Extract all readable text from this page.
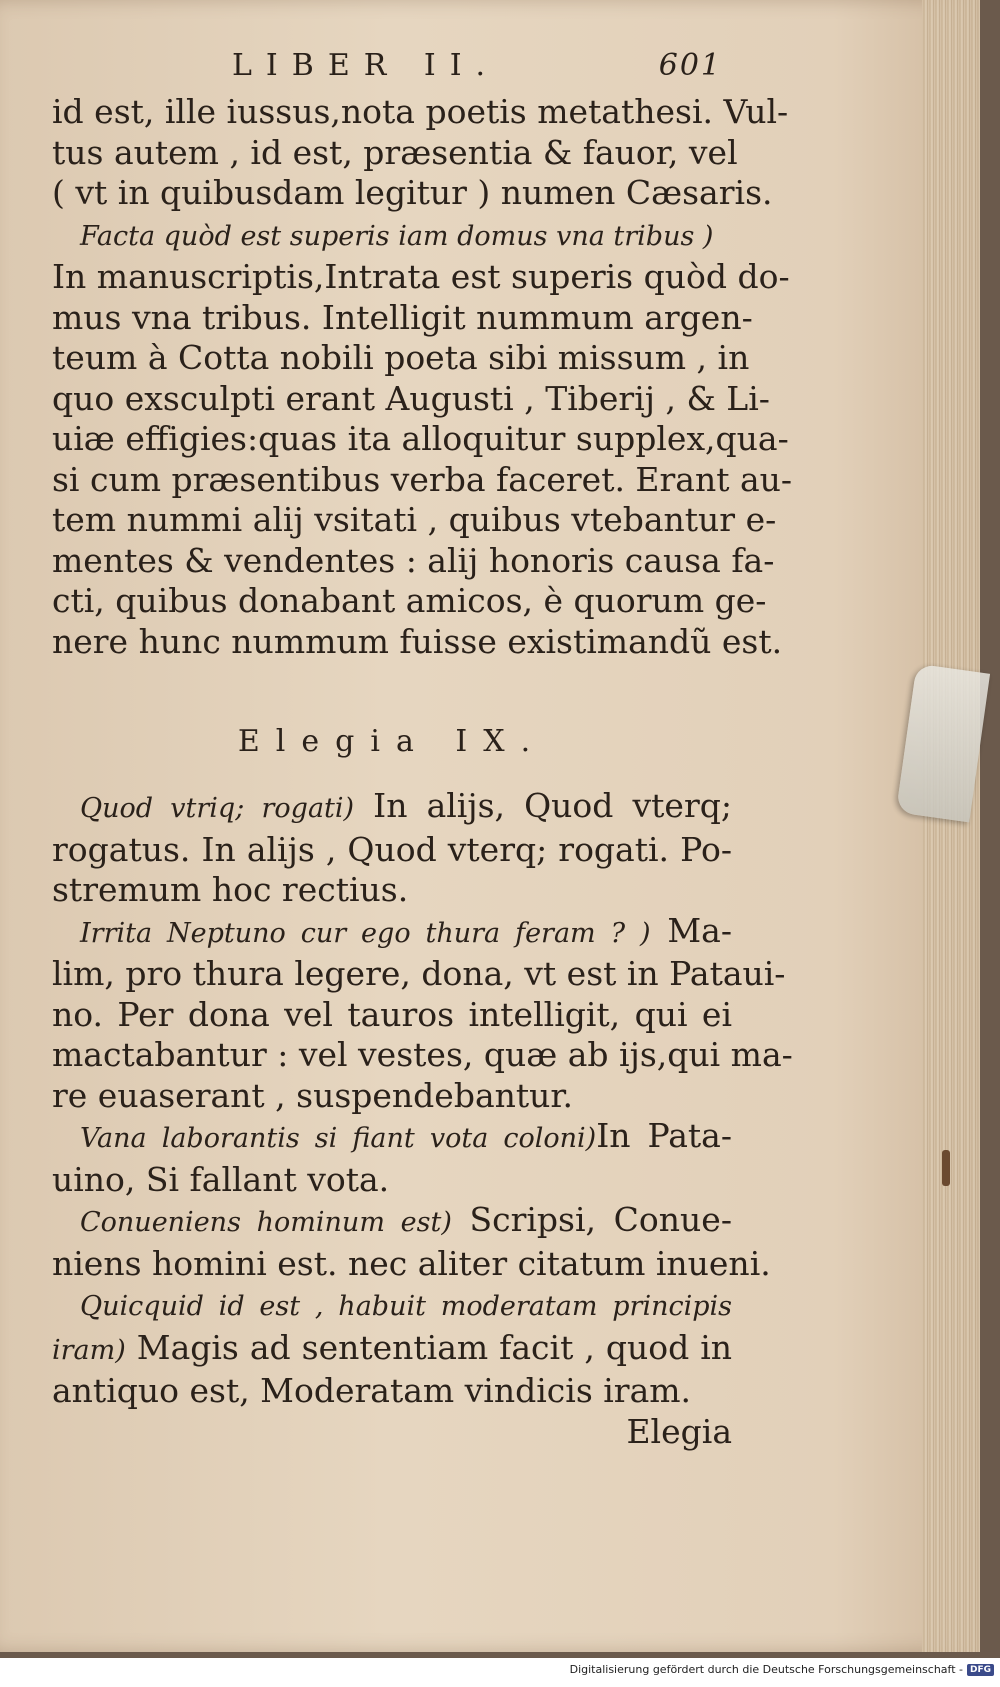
LIBER II.	601
id est, ille iussus,nota poetis metathesi. Vul-
tus autem , id est, præsentia & fauor, vel
( vt in quibusdam legitur ) numen Cæsaris.
Facta quòd est superis iam domus vna tribus )
In manuscriptis,Intrata est superis quòd do-
mus vna tribus. Intelligit nummum argen-
teum à Cotta nobili poeta sibi missum , in
quo exsculpti erant Augusti , Tiberij , & Li-
uiæ effigies:quas ita alloquitur supplex,qua-
si cum præsentibus verba faceret. Erant au-
tem nummi alij vsitati , quibus vtebantur e-
mentes & vendentes : alij honoris causa fa-
cti, quibus donabant amicos, è quorum ge-
nere hunc nummum fuisse existimandũ est.
Elegia IX.
Quod vtriq; rogati) In alijs, Quod vterq;
rogatus. In alijs , Quod vterq; rogati. Po-
stremum hoc rectius.
Irrita Neptuno cur ego thura feram ? ) Ma-
lim, pro thura legere, dona, vt est in Pataui-
no. Per dona vel tauros intelligit, qui ei
mactabantur : vel vestes, quæ ab ijs,qui ma-
re euaserant , suspendebantur.
Vana laborantis si fiant vota coloni)In Pata-
uino, Si fallant vota.
Conueniens hominum est) Scripsi, Conue-
niens homini est. nec aliter citatum inueni.
Quicquid id est , habuit moderatam principis
iram) Magis ad sententiam facit , quod in
antiquo est, Moderatam vindicis iram.
Elegia
Digitalisierung gefördert durch die Deutsche Forschungsgemeinschaft - DFG
